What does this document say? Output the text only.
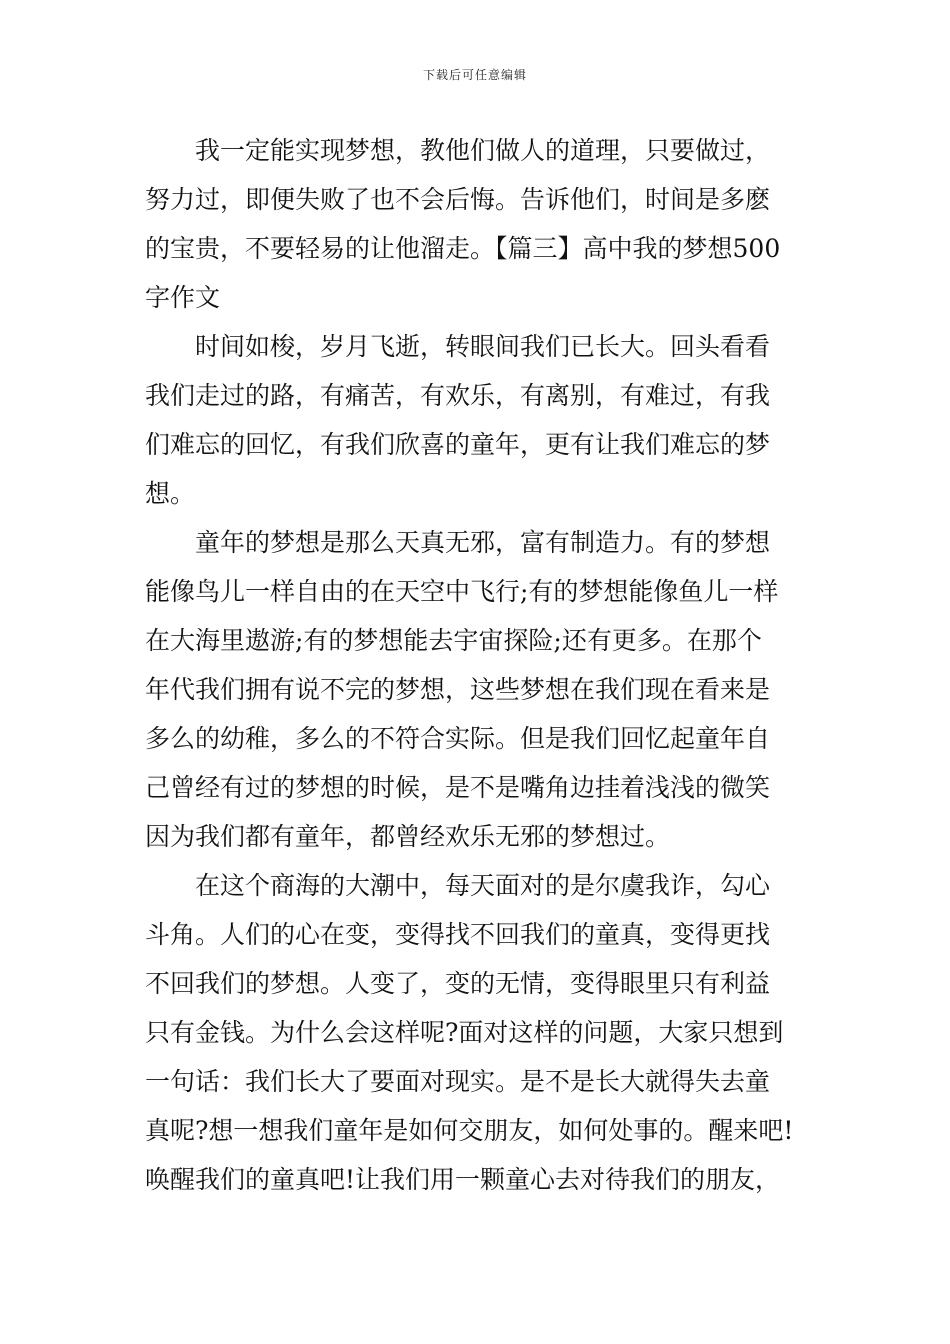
下载后可任意编辑
　　我一定能实现梦想，教他们做人的道理，只要做过，
努力过，即便失败了也不会后悔。告诉他们，时间是多麽
的宝贵，不要轻易的让他溜走。【篇三】高中我的梦想500
字作文
　　时间如梭，岁月飞逝，转眼间我们已长大。回头看看
我们走过的路，有痛苦，有欢乐，有离别，有难过，有我
们难忘的回忆，有我们欣喜的童年，更有让我们难忘的梦
想。
　　童年的梦想是那么天真无邪，富有制造力。有的梦想
能像鸟儿一样自由的在天空中飞行;有的梦想能像鱼儿一样
在大海里遨游;有的梦想能去宇宙探险;还有更多。在那个
年代我们拥有说不完的梦想，这些梦想在我们现在看来是
多么的幼稚，多么的不符合实际。但是我们回忆起童年自
己曾经有过的梦想的时候，是不是嘴角边挂着浅浅的微笑
因为我们都有童年，都曾经欢乐无邪的梦想过。
　　在这个商海的大潮中，每天面对的是尔虞我诈，勾心
斗角。人们的心在变，变得找不回我们的童真，变得更找
不回我们的梦想。人变了，变的无情，变得眼里只有利益
只有金钱。为什么会这样呢?面对这样的问题，大家只想到
一句话：我们长大了要面对现实。是不是长大就得失去童
真呢?想一想我们童年是如何交朋友，如何处事的。醒来吧!
唤醒我们的童真吧!让我们用一颗童心去对待我们的朋友，
